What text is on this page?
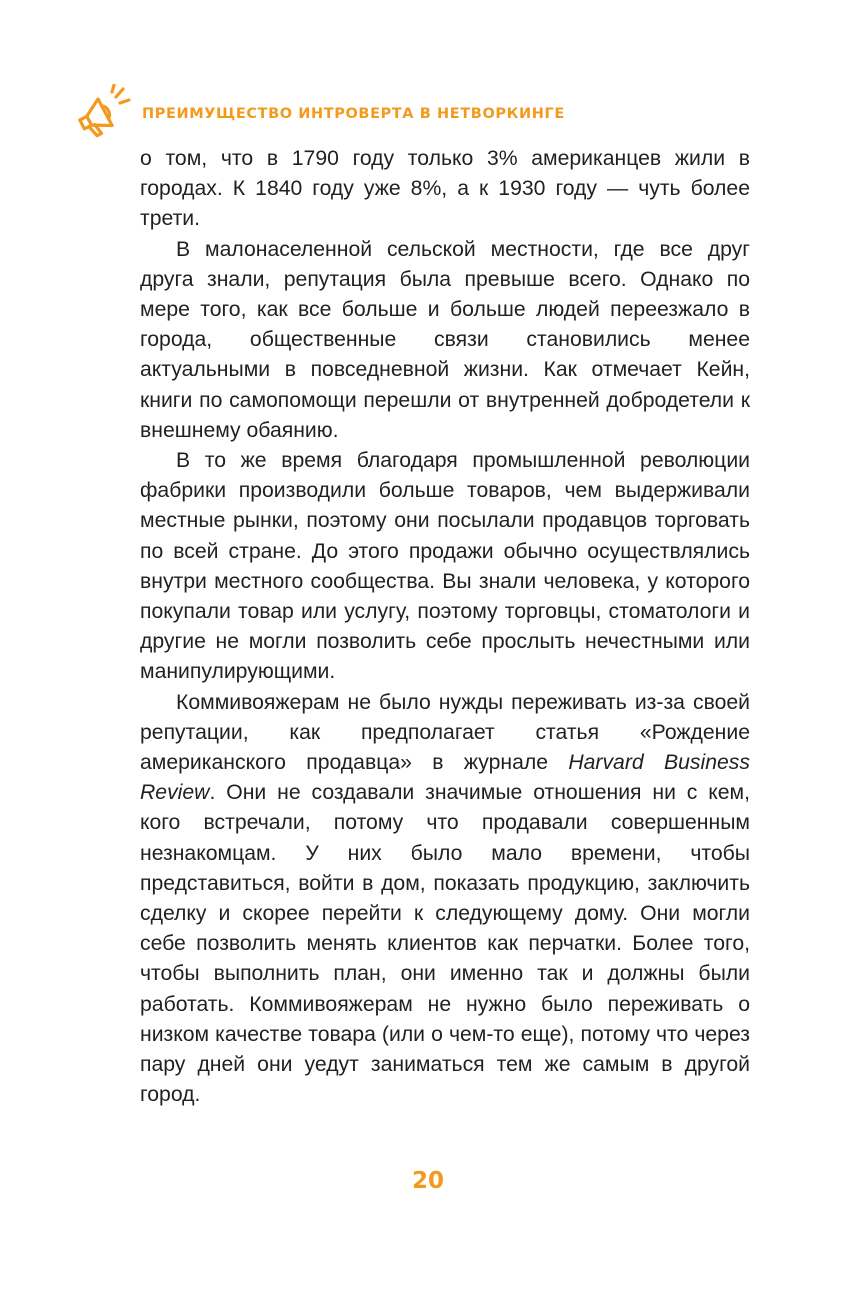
ПРЕИМУЩЕСТВО ИНТРОВЕРТА В НЕТВОРКИНГЕ

о том, что в 1790 году только 3% американцев жили в городах. К 1840 году уже 8%, а к 1930 году — чуть более трети.

В малонаселенной сельской местности, где все друг друга знали, репутация была превыше всего. Однако по мере того, как все больше и больше людей переезжало в города, общественные связи становились менее актуальными в повседневной жизни. Как отмечает Кейн, книги по самопомощи перешли от внутренней добродетели к внешнему обаянию.

В то же время благодаря промышленной революции фабрики производили больше товаров, чем выдерживали местные рынки, поэтому они посылали продавцов торговать по всей стране. До этого продажи обычно осуществлялись внутри местного сообщества. Вы знали человека, у которого покупали товар или услугу, поэтому торговцы, стоматологи и другие не могли позволить себе прослыть нечестными или манипулирующими.

Коммивояжерам не было нужды переживать из-за своей репутации, как предполагает статья «Рождение американского продавца» в журнале Harvard Business Review. Они не создавали значимые отношения ни с кем, кого встречали, потому что продавали совершенным незнакомцам. У них было мало времени, чтобы представиться, войти в дом, показать продукцию, заключить сделку и скорее перейти к следующему дому. Они могли себе позволить менять клиентов как перчатки. Более того, чтобы выполнить план, они именно так и должны были работать. Коммивояжерам не нужно было переживать о низком качестве товара (или о чем-то еще), потому что через пару дней они уедут заниматься тем же самым в другой город.

20
